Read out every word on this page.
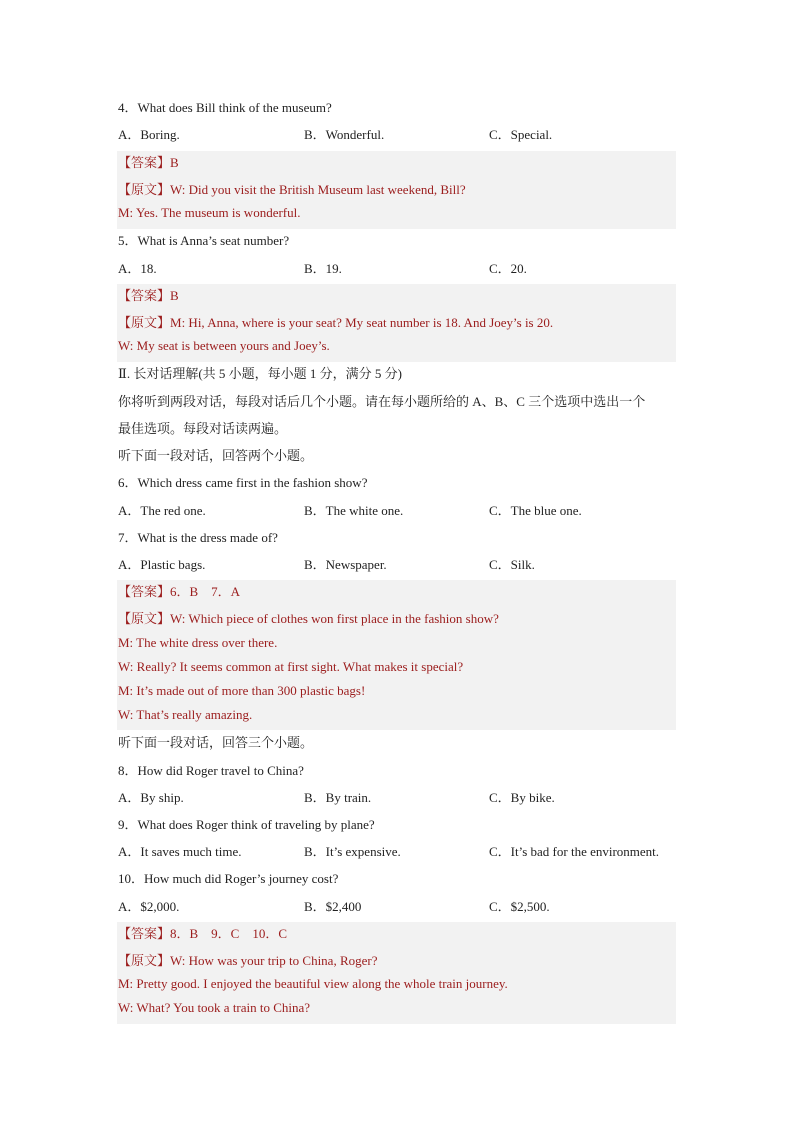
4．What does Bill think of the museum?
A．Boring.	B．Wonderful.	C．Special.
【答案】B
【原文】W: Did you visit the British Museum last weekend, Bill?
M: Yes. The museum is wonderful.
5．What is Anna’s seat number?
A．18.	B．19.	C．20.
【答案】B
【原文】M: Hi, Anna, where is your seat? My seat number is 18. And Joey’s is 20.
W: My seat is between yours and Joey’s.
Ⅱ. 长对话理解(共 5 小题，每小题 1 分，满分 5 分)
你将听到两段对话，每段对话后几个小题。请在每小题所给的 A、B、C 三个选项中选出一个
最佳选项。每段对话读两遍。
听下面一段对话，回答两个小题。
6．Which dress came first in the fashion show?
A．The red one.	B．The white one.	C．The blue one.
7．What is the dress made of?
A．Plastic bags.	B．Newspaper.	C．Silk.
【答案】6．B    7．A
【原文】W: Which piece of clothes won first place in the fashion show?
M: The white dress over there.
W: Really? It seems common at first sight. What makes it special?
M: It’s made out of more than 300 plastic bags!
W: That’s really amazing.
听下面一段对话，回答三个小题。
8．How did Roger travel to China?
A．By ship.	B．By train.	C．By bike.
9．What does Roger think of traveling by plane?
A．It saves much time.	B．It’s expensive.	C．It’s bad for the environment.
10．How much did Roger’s journey cost?
A．$2,000.	B．$2,400	C．$2,500.
【答案】8．B    9．C    10．C
【原文】W: How was your trip to China, Roger?
M: Pretty good. I enjoyed the beautiful view along the whole train journey.
W: What? You took a train to China?
